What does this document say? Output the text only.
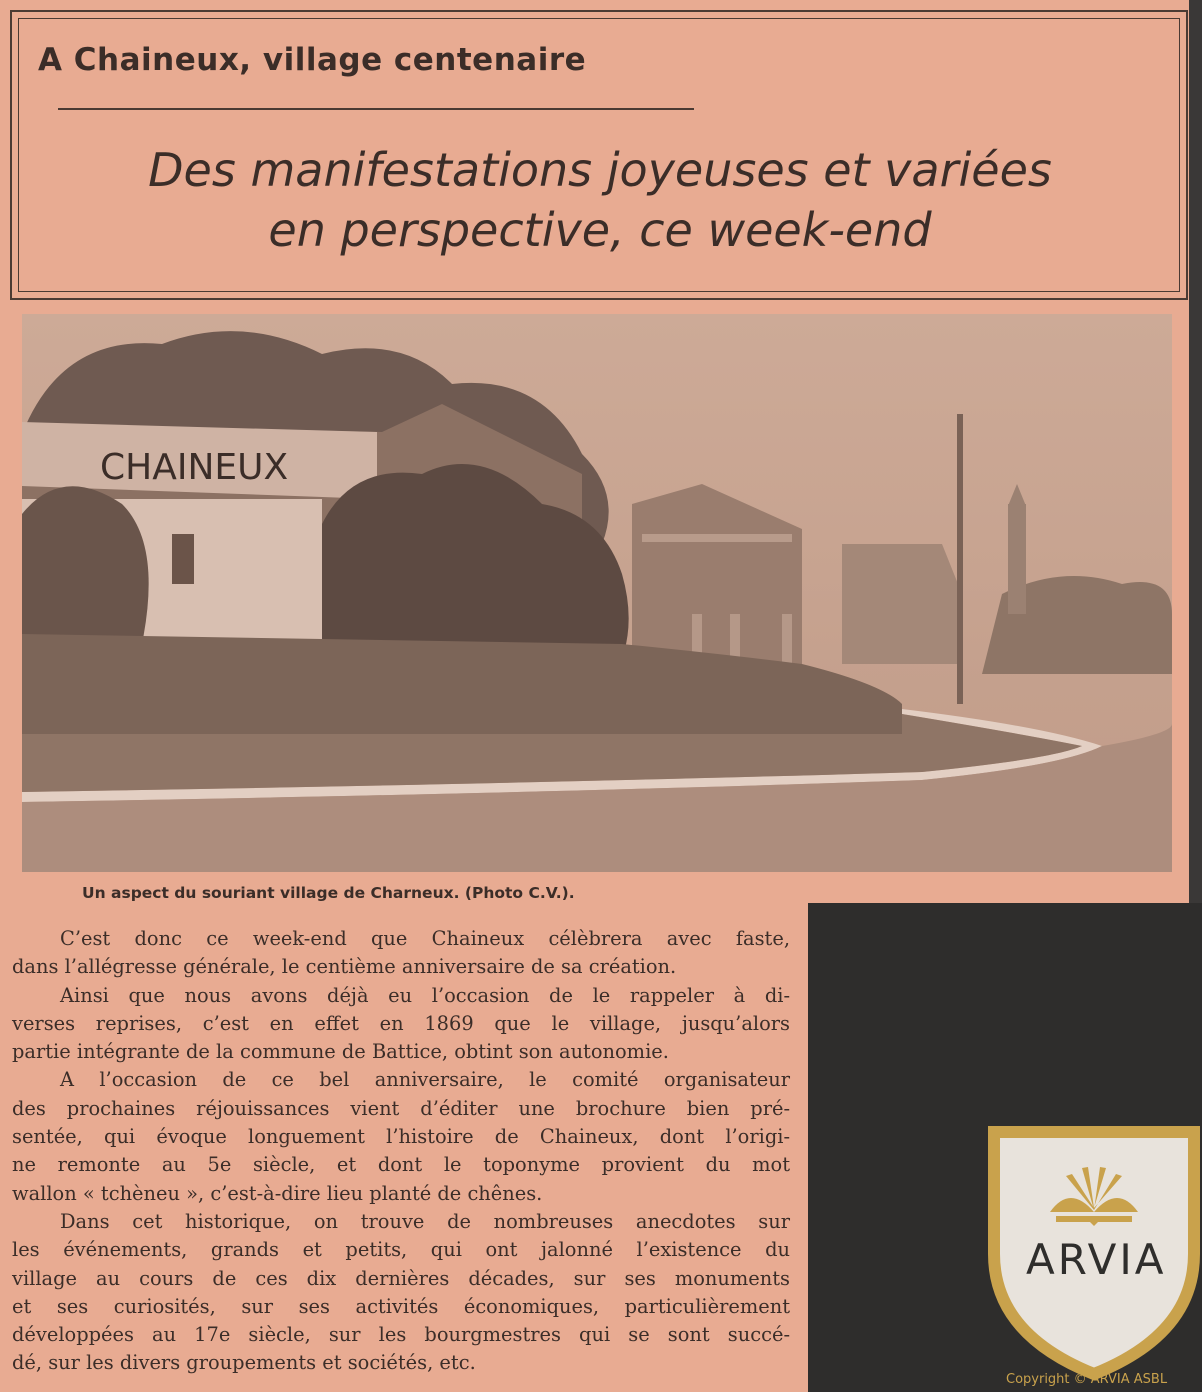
A Chaineux, village centenaire
Des manifestations joyeuses et variées
en perspective, ce week-end
CHAINEUX
Un aspect du souriant village de Charneux. (Photo C.V.).

C’est donc ce week-end que Chaineux célèbrera avec faste,
dans l’allégresse générale, le centième anniversaire de sa création.

Ainsi que nous avons déjà eu l’occasion de le rappeler à di-
verses reprises, c’est en effet en 1869 que le village, jusqu’alors
partie intégrante de la commune de Battice, obtint son autonomie.

A l’occasion de ce bel anniversaire, le comité organisateur
des prochaines réjouissances vient d’éditer une brochure bien pré-
sentée, qui évoque longuement l’histoire de Chaineux, dont l’origi-
ne remonte au 5e siècle, et dont le toponyme provient du mot
wallon « tchèneu », c’est-à-dire lieu planté de chênes.

Dans cet historique, on trouve de nombreuses anecdotes sur
les événements, grands et petits, qui ont jalonné l’existence du
village au cours de ces dix dernières décades, sur ses monuments
et ses curiosités, sur ses activités économiques, particulièrement
développées au 17e siècle, sur les bourgmestres qui se sont succé-
dé, sur les divers groupements et sociétés, etc.

ARVIA
Copyright © ARVIA ASBL
